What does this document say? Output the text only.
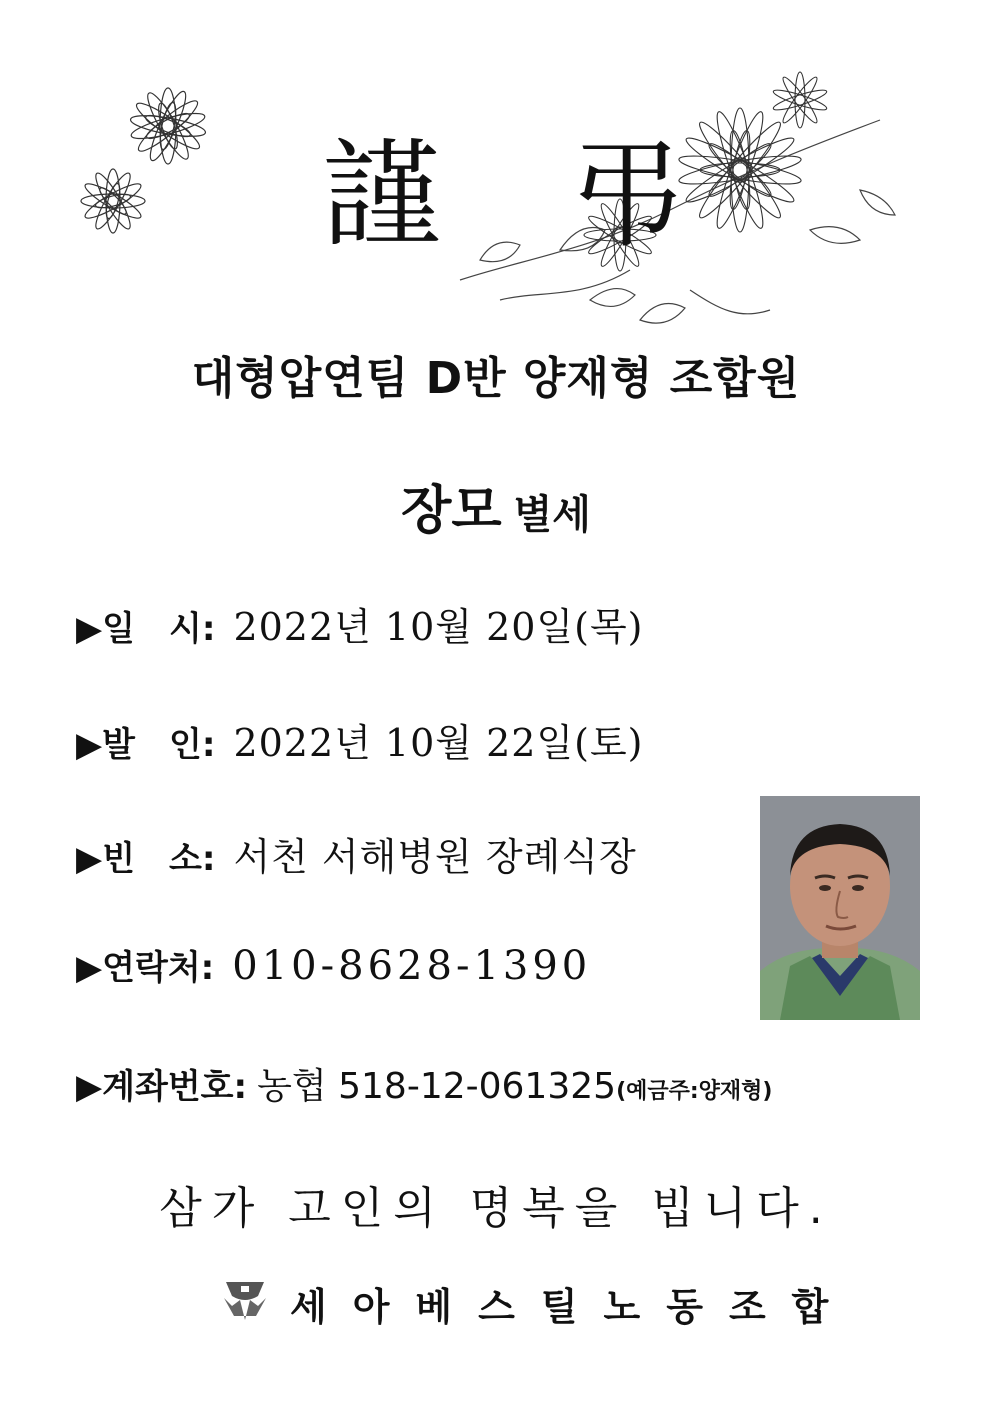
謹 弔
대형압연팀 D반 양재형 조합원
장모 별세
▶일　시: 2022년 10월 20일(목)
▶발　인: 2022년 10월 22일(토)
▶빈　소: 서천 서해병원 장례식장
▶연락처: 010-8628-1390
▶계좌번호: 농협 518-12-061325(예금주:양재형)
삼가 고인의 명복을 빕니다.
세아베스틸노동조합
